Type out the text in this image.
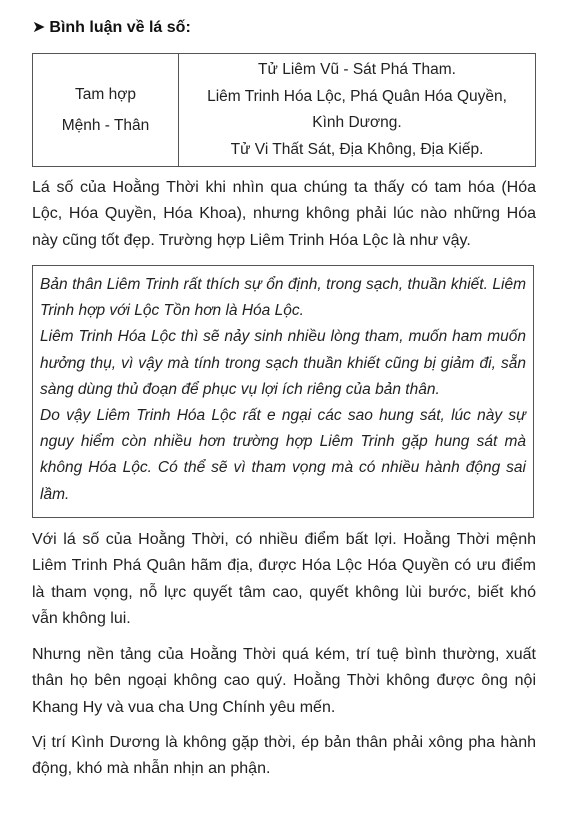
➤ Bình luận về lá số:
Tam hợp
Mệnh - Thân

Tử Liêm Vũ - Sát Phá Tham.
Liêm Trinh Hóa Lộc, Phá Quân Hóa Quyền,
Kình Dương.
Tử Vi Thất Sát, Địa Không, Địa Kiếp.

Lá số của Hoằng Thời khi nhìn qua chúng ta thấy có tam hóa (Hóa Lộc, Hóa Quyền, Hóa Khoa), nhưng không phải lúc nào những Hóa này cũng tốt đẹp. Trường hợp Liêm Trinh Hóa Lộc là như vậy.

Bản thân Liêm Trinh rất thích sự ổn định, trong sạch, thuần khiết. Liêm Trinh hợp với Lộc Tồn hơn là Hóa Lộc.

Liêm Trinh Hóa Lộc thì sẽ nảy sinh nhiều lòng tham, muốn ham muốn hưởng thụ, vì vậy mà tính trong sạch thuần khiết cũng bị giảm đi, sẵn sàng dùng thủ đoạn để phục vụ lợi ích riêng của bản thân.

Do vậy Liêm Trinh Hóa Lộc rất e ngại các sao hung sát, lúc này sự nguy hiểm còn nhiều hơn trường hợp Liêm Trinh gặp hung sát mà không Hóa Lộc. Có thể sẽ vì tham vọng mà có nhiều hành động sai lầm.

Với lá số của Hoằng Thời, có nhiều điểm bất lợi. Hoằng Thời mệnh Liêm Trinh Phá Quân hãm địa, được Hóa Lộc Hóa Quyền có ưu điểm là tham vọng, nỗ lực quyết tâm cao, quyết không lùi bước, biết khó vẫn không lui.

Nhưng nền tảng của Hoằng Thời quá kém, trí tuệ bình thường, xuất thân họ bên ngoại không cao quý. Hoằng Thời không được ông nội Khang Hy và vua cha Ung Chính yêu mến.

Vị trí Kình Dương là không gặp thời, ép bản thân phải xông pha hành động, khó mà nhẫn nhịn an phận.
